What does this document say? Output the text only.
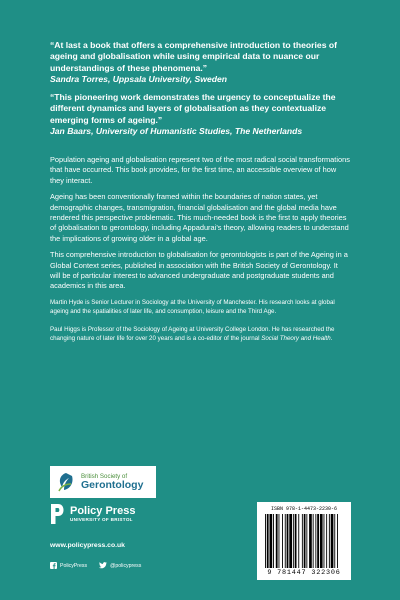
“At last a book that offers a comprehensive introduction to theories of ageing and globalisation while using empirical data to nuance our understandings of these phenomena.”
Sandra Torres, Uppsala University, Sweden
“This pioneering work demonstrates the urgency to conceptualize the different dynamics and layers of globalisation as they contextualize emerging forms of ageing.”
Jan Baars, University of Humanistic Studies, The Netherlands

Population ageing and globalisation represent two of the most radical social transformations that have occurred. This book provides, for the first time, an accessible overview of how they interact.

Ageing has been conventionally framed within the boundaries of nation states, yet demographic changes, transmigration, financial globalisation and the global media have rendered this perspective problematic. This much-needed book is the first to apply theories of globalisation to gerontology, including Appadurai’s theory, allowing readers to understand the implications of growing older in a global age.

This comprehensive introduction to globalisation for gerontologists is part of the Ageing in a Global Context series, published in association with the British Society of Gerontology. It will be of particular interest to advanced undergraduate and postgraduate students and academics in this area.

Martin Hyde is Senior Lecturer in Sociology at the University of Manchester. His research looks at global ageing and the spatialities of later life, and consumption, leisure and the Third Age.

Paul Higgs is Professor of the Sociology of Ageing at University College London. He has researched the changing nature of later life for over 20 years and is a co-editor of the journal Social Theory and Health.

British Society of
Gerontology
Policy Press
UNIVERSITY OF BRISTOL
www.policypress.co.uk
PolicyPress	@policypress
ISBN 978-1-4473-2230-6
9 781447 322306
